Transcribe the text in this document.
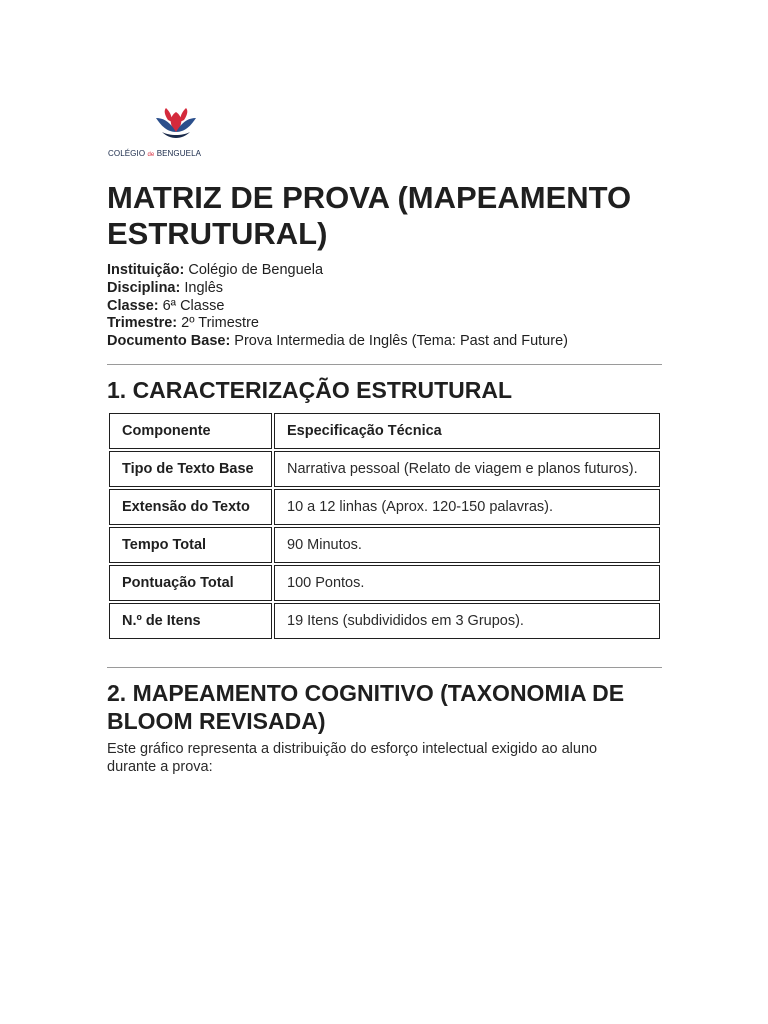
COLÉGIO de BENGUELA
MATRIZ DE PROVA (MAPEAMENTO ESTRUTURAL)
Instituição: Colégio de Benguela
Disciplina: Inglês
Classe: 6ª Classe
Trimestre: 2º Trimestre
Documento Base: Prova Intermedia de Inglês (Tema: Past and Future)
1. CARACTERIZAÇÃO ESTRUTURAL
Componente	Especificação Técnica
Tipo de Texto Base	Narrativa pessoal (Relato de viagem e planos futuros).
Extensão do Texto	10 a 12 linhas (Aprox. 120-150 palavras).
Tempo Total	90 Minutos.
Pontuação Total	100 Pontos.
N.º de Itens	19 Itens (subdivididos em 3 Grupos).
2. MAPEAMENTO COGNITIVO (TAXONOMIA DE BLOOM REVISADA)

Este gráfico representa a distribuição do esforço intelectual exigido ao aluno durante a prova:
